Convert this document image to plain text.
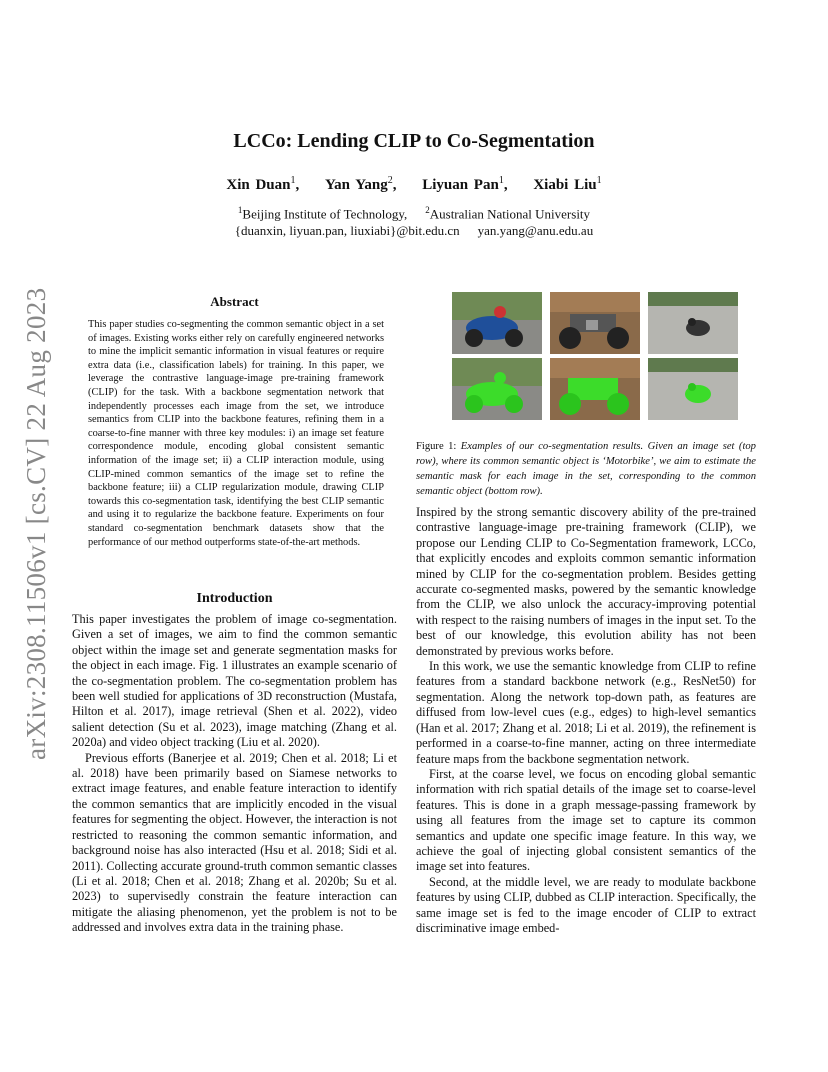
arXiv:2308.11506v1 [cs.CV] 22 Aug 2023
LCCo: Lending CLIP to Co-Segmentation
Xin Duan$^1$, Yan Yang$^2$, Liyuan Pan$^1$, Xiabi Liu$^1$
$^1$Beijing Institute of Technology, $^2$Australian National University
{duanxin, liyuan.pan, liuxiabi}@bit.edu.cn yan.yang@anu.edu.au
Abstract
This paper studies co-segmenting the common semantic object in a set of images. Existing works either rely on carefully engineered networks to mine the implicit semantic information in visual features or require extra data (i.e., classification labels) for training. In this paper, we leverage the contrastive language-image pre-training framework (CLIP) for the task. With a backbone segmentation network that independently processes each image from the set, we introduce semantics from CLIP into the backbone features, refining them in a coarse-to-fine manner with three key modules: i) an image set feature correspondence module, encoding global consistent semantic information of the image set; ii) a CLIP interaction module, using CLIP-mined common semantics of the image set to refine the backbone feature; iii) a CLIP regularization module, drawing CLIP towards this co-segmentation task, identifying the best CLIP semantic and using it to regularize the backbone feature. Experiments on four standard co-segmentation benchmark datasets show that the performance of our method outperforms state-of-the-art methods.
Introduction

This paper investigates the problem of image co-segmentation. Given a set of images, we aim to find the common semantic object within the image set and generate segmentation masks for the object in each image. Fig. 1 illustrates an example scenario of the co-segmentation problem. The co-segmentation problem has been well studied for applications of 3D reconstruction (Mustafa, Hilton et al. 2017), image retrieval (Shen et al. 2022), video salient detection (Su et al. 2023), image matching (Zhang et al. 2020a) and video object tracking (Liu et al. 2020).

Previous efforts (Banerjee et al. 2019; Chen et al. 2018; Li et al. 2018) have been primarily based on Siamese networks to extract image features, and enable feature interaction to identify the common semantics that are implicitly encoded in the visual features for segmenting the object. However, the interaction is not restricted to reasoning the common semantic information, and background noise has also interacted (Hsu et al. 2018; Sidi et al. 2011). Collecting accurate ground-truth common semantic classes (Li et al. 2018; Chen et al. 2018; Zhang et al. 2020b; Su et al. 2023) to supervisedly constrain the feature interaction can mitigate the aliasing phenomenon, yet the problem is not to be addressed and involves extra data in the training phase.

Figure 1: Examples of our co-segmentation results. Given an image set (top row), where its common semantic object is ‘Motorbike’, we aim to estimate the semantic mask for each image in the set, corresponding to the common semantic object (bottom row).

Inspired by the strong semantic discovery ability of the pre-trained contrastive language-image pre-training framework (CLIP), we propose our Lending CLIP to Co-Segmentation framework, LCCo, that explicitly encodes and exploits common semantic information mined by CLIP for the co-segmentation problem. Besides getting accurate co-segmented masks, powered by the semantic knowledge from the CLIP, we also unlock the accuracy-improving potential with respect to the raising numbers of images in the input set. To the best of our knowledge, this evolution ability has not been demonstrated by previous works before.

In this work, we use the semantic knowledge from CLIP to refine features from a standard backbone network (e.g., ResNet50) for segmentation. Along the network top-down path, as features are diffused from low-level cues (e.g., edges) to high-level semantics (Han et al. 2017; Zhang et al. 2018; Li et al. 2019), the refinement is performed in a coarse-to-fine manner, acting on three intermediate feature maps from the backbone segmentation network.

First, at the coarse level, we focus on encoding global semantic information with rich spatial details of the image set to coarse-level features. This is done in a graph message-passing framework by using all features from the image set to capture its common semantics and update one specific image feature. In this way, we achieve the goal of injecting global consistent semantics of the image set into features.

Second, at the middle level, we are ready to modulate backbone features by using CLIP, dubbed as CLIP interaction. Specifically, the same image set is fed to the image encoder of CLIP to extract discriminative image embed-
